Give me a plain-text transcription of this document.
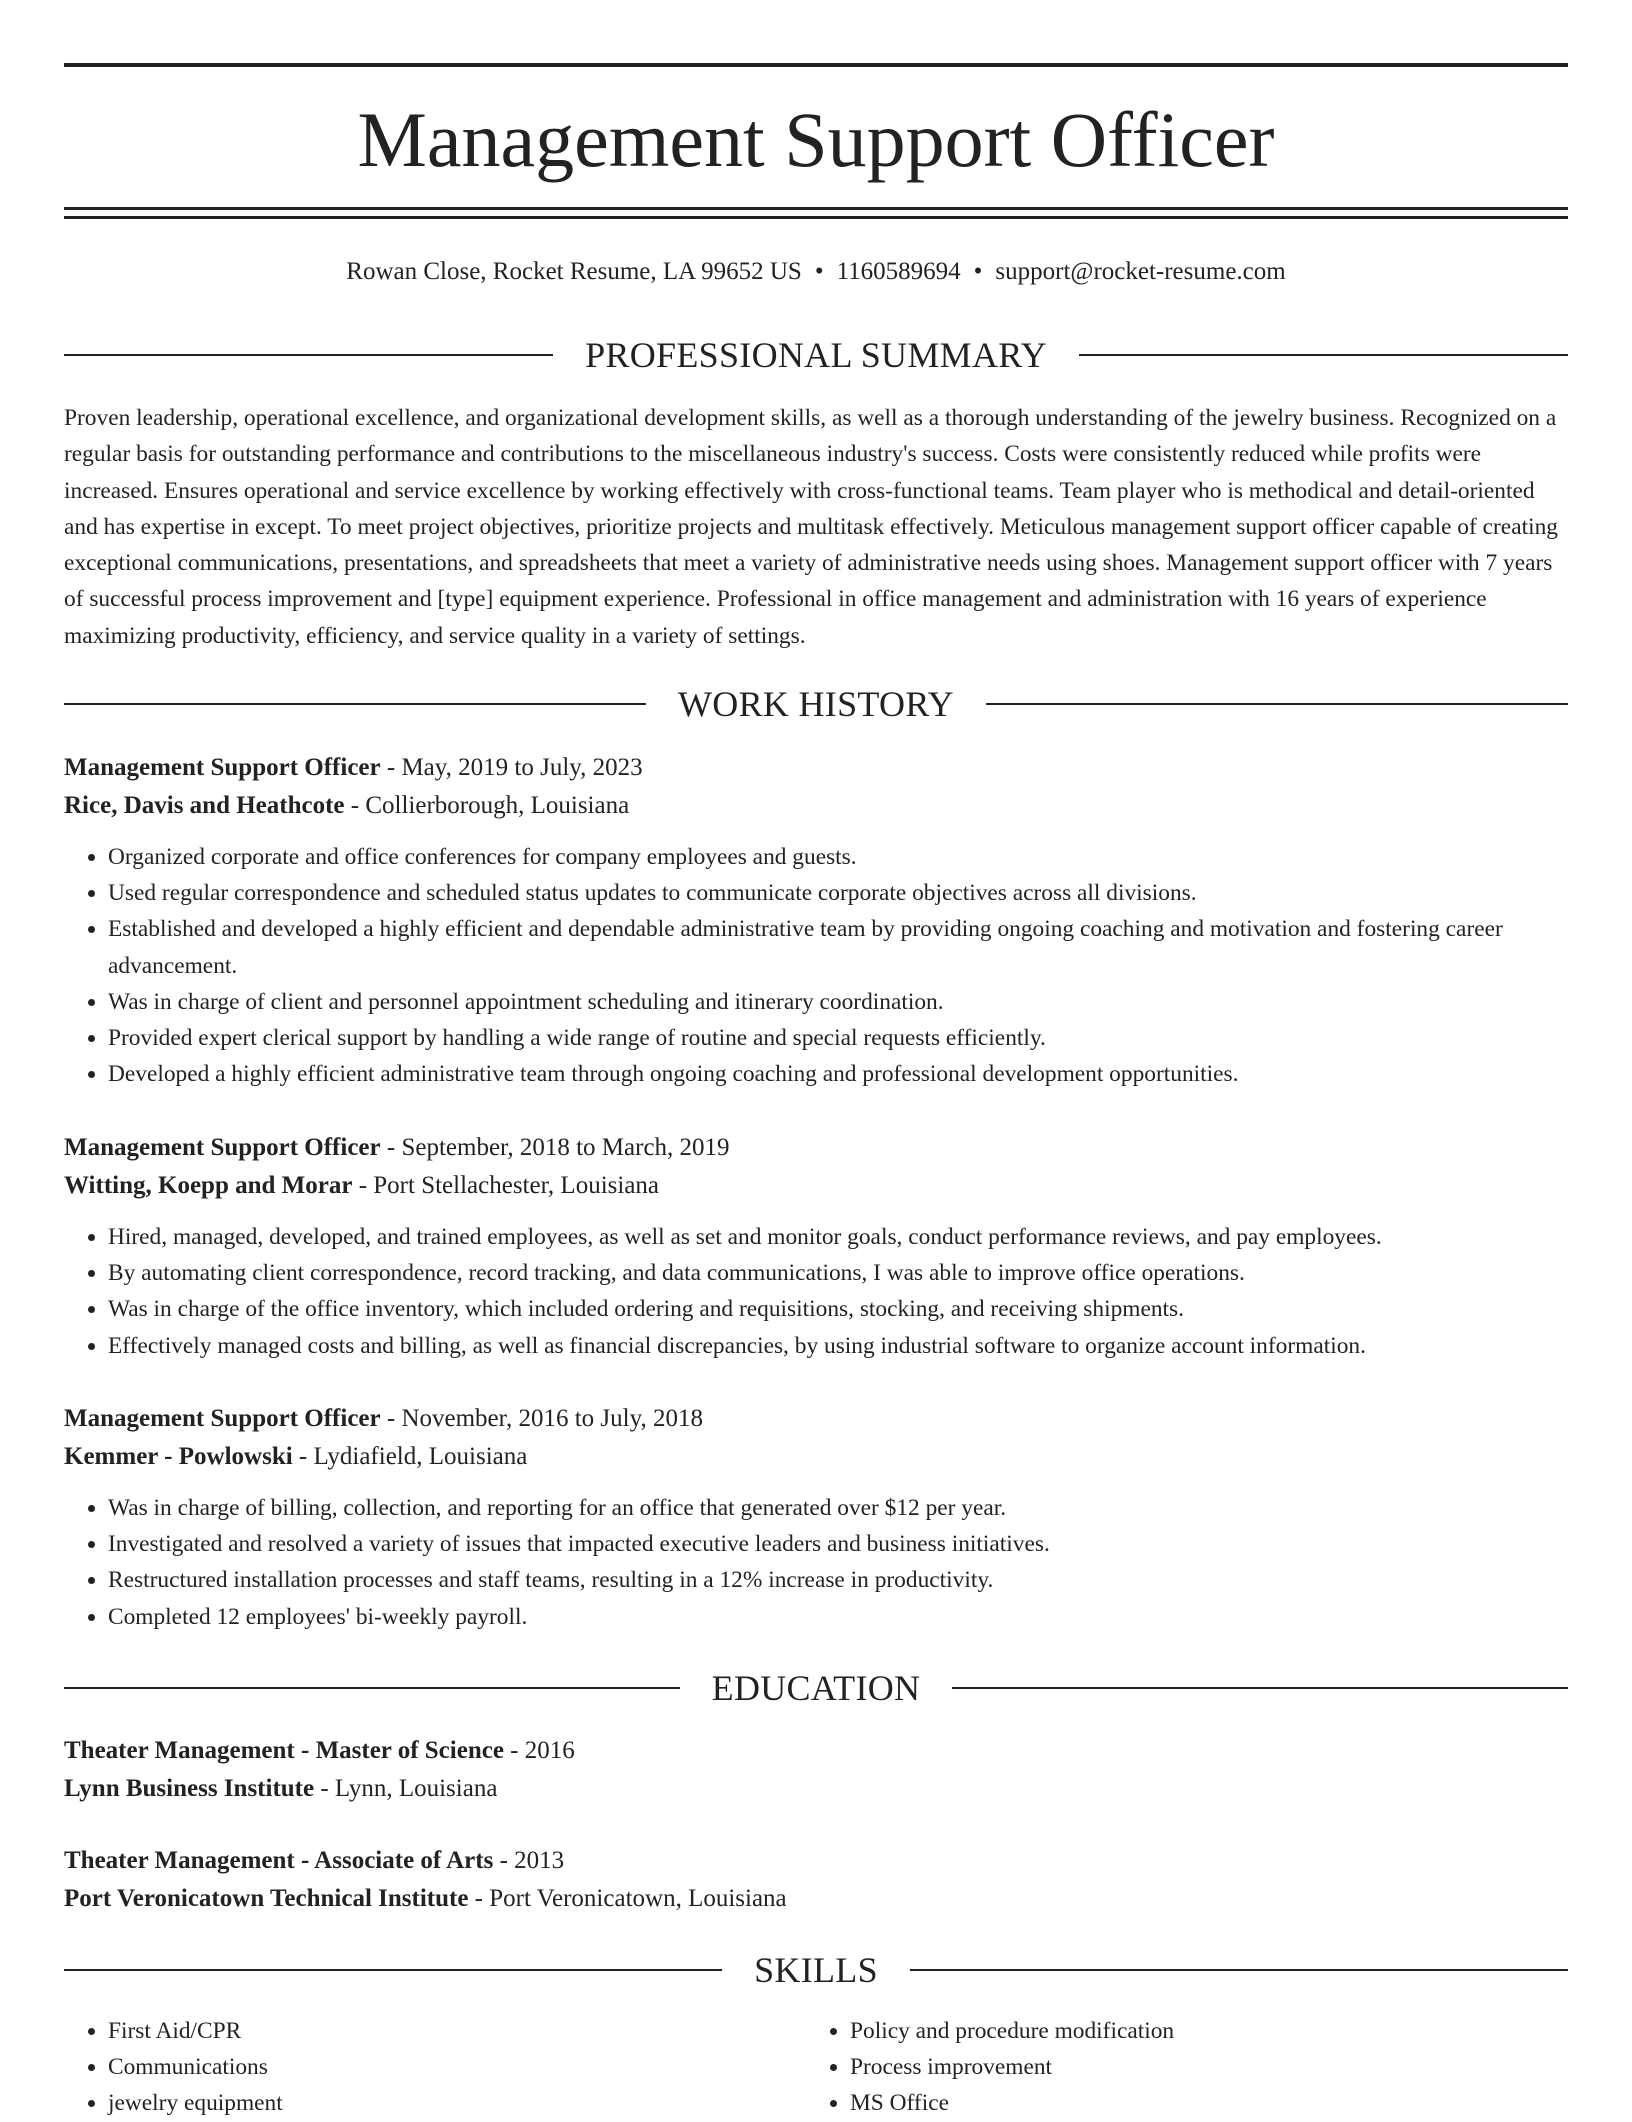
Management Support Officer
Rowan Close, Rocket Resume, LA 99652 US • 1160589694 • support@rocket-resume.com
PROFESSIONAL SUMMARY

Proven leadership, operational excellence, and organizational development skills, as well as a thorough understanding of the jewelry business. Recognized on a regular basis for outstanding performance and contributions to the miscellaneous industry's success. Costs were consistently reduced while profits were increased. Ensures operational and service excellence by working effectively with cross-functional teams. Team player who is methodical and detail-oriented and has expertise in except. To meet project objectives, prioritize projects and multitask effectively. Meticulous management support officer capable of creating exceptional communications, presentations, and spreadsheets that meet a variety of administrative needs using shoes. Management support officer with 7 years of successful process improvement and [type] equipment experience. Professional in office management and administration with 16 years of experience maximizing productivity, efficiency, and service quality in a variety of settings.

WORK HISTORY
Management Support Officer - May, 2019 to July, 2023
Rice, Davis and Heathcote - Collierborough, Louisiana
• Organized corporate and office conferences for company employees and guests.
• Used regular correspondence and scheduled status updates to communicate corporate objectives across all divisions.
• Established and developed a highly efficient and dependable administrative team by providing ongoing coaching and motivation and fostering career advancement.
• Was in charge of client and personnel appointment scheduling and itinerary coordination.
• Provided expert clerical support by handling a wide range of routine and special requests efficiently.
• Developed a highly efficient administrative team through ongoing coaching and professional development opportunities.
Management Support Officer - September, 2018 to March, 2019
Witting, Koepp and Morar - Port Stellachester, Louisiana
• Hired, managed, developed, and trained employees, as well as set and monitor goals, conduct performance reviews, and pay employees.
• By automating client correspondence, record tracking, and data communications, I was able to improve office operations.
• Was in charge of the office inventory, which included ordering and requisitions, stocking, and receiving shipments.
• Effectively managed costs and billing, as well as financial discrepancies, by using industrial software to organize account information.
Management Support Officer - November, 2016 to July, 2018
Kemmer - Powlowski - Lydiafield, Louisiana
• Was in charge of billing, collection, and reporting for an office that generated over $12 per year.
• Investigated and resolved a variety of issues that impacted executive leaders and business initiatives.
• Restructured installation processes and staff teams, resulting in a 12% increase in productivity.
• Completed 12 employees' bi-weekly payroll.
EDUCATION
Theater Management - Master of Science - 2016
Lynn Business Institute - Lynn, Louisiana
Theater Management - Associate of Arts - 2013
Port Veronicatown Technical Institute - Port Veronicatown, Louisiana
SKILLS
• First Aid/CPR
• Communications
• jewelry equipment
• Policy and procedure modification
• Process improvement
• MS Office
